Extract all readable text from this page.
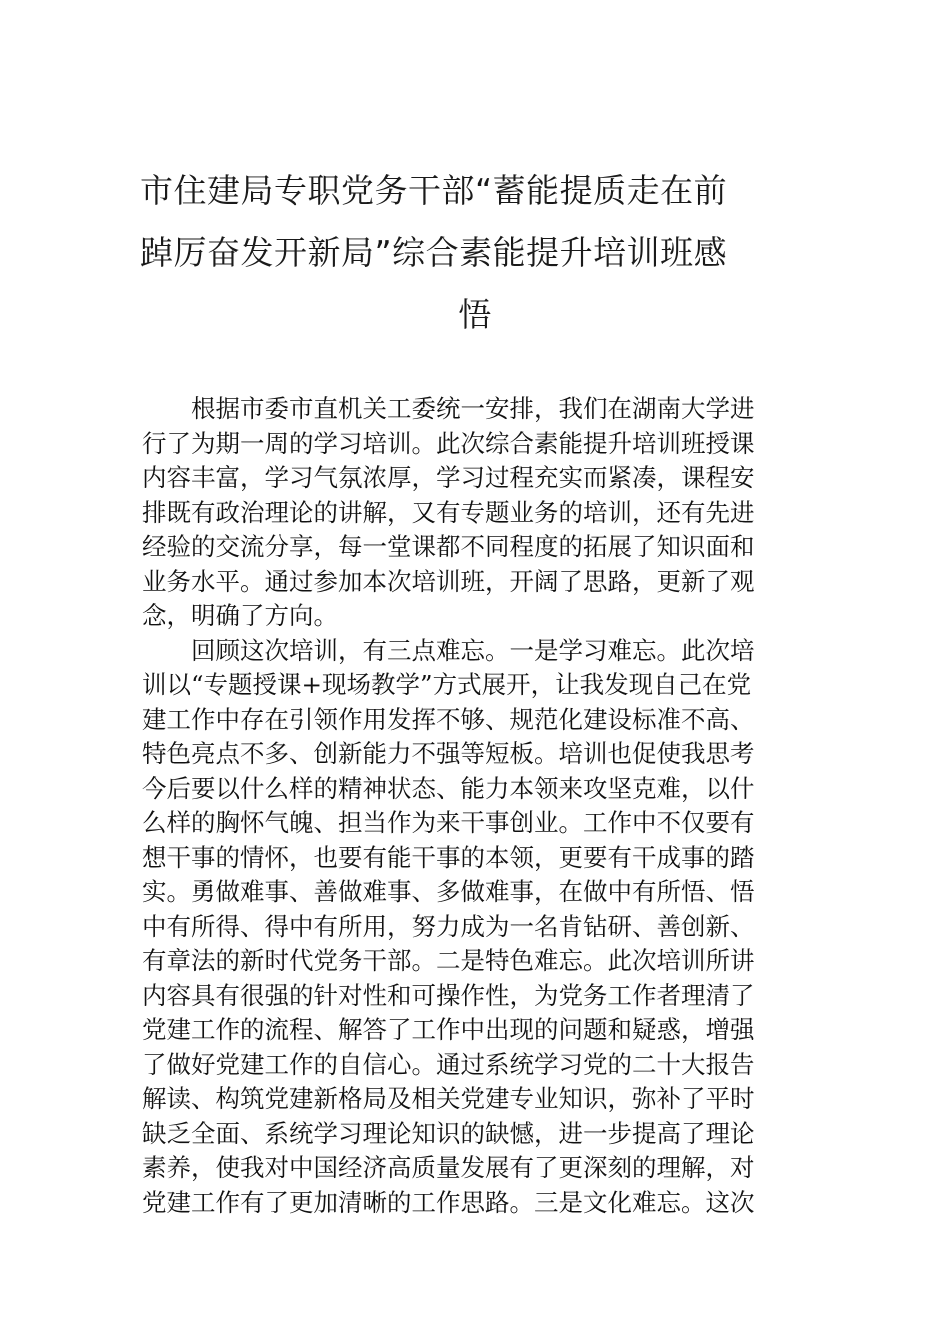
市住建局专职党务干部“蓄能提质走在前
踔厉奋发开新局”综合素能提升培训班感
悟
根据市委市直机关工委统一安排，我们在湖南大学进
行了为期一周的学习培训。此次综合素能提升培训班授课
内容丰富，学习气氛浓厚，学习过程充实而紧凑，课程安
排既有政治理论的讲解，又有专题业务的培训，还有先进
经验的交流分享，每一堂课都不同程度的拓展了知识面和
业务水平。通过参加本次培训班，开阔了思路，更新了观
念，明确了方向。
回顾这次培训，有三点难忘。一是学习难忘。此次培
训以“专题授课+现场教学”方式展开，让我发现自己在党
建工作中存在引领作用发挥不够、规范化建设标准不高、
特色亮点不多、创新能力不强等短板。培训也促使我思考
今后要以什么样的精神状态、能力本领来攻坚克难，以什
么样的胸怀气魄、担当作为来干事创业。工作中不仅要有
想干事的情怀，也要有能干事的本领，更要有干成事的踏
实。勇做难事、善做难事、多做难事，在做中有所悟、悟
中有所得、得中有所用，努力成为一名肯钻研、善创新、
有章法的新时代党务干部。二是特色难忘。此次培训所讲
内容具有很强的针对性和可操作性，为党务工作者理清了
党建工作的流程、解答了工作中出现的问题和疑惑，增强
了做好党建工作的自信心。通过系统学习党的二十大报告
解读、构筑党建新格局及相关党建专业知识，弥补了平时
缺乏全面、系统学习理论知识的缺憾，进一步提高了理论
素养，使我对中国经济高质量发展有了更深刻的理解，对
党建工作有了更加清晰的工作思路。三是文化难忘。这次
